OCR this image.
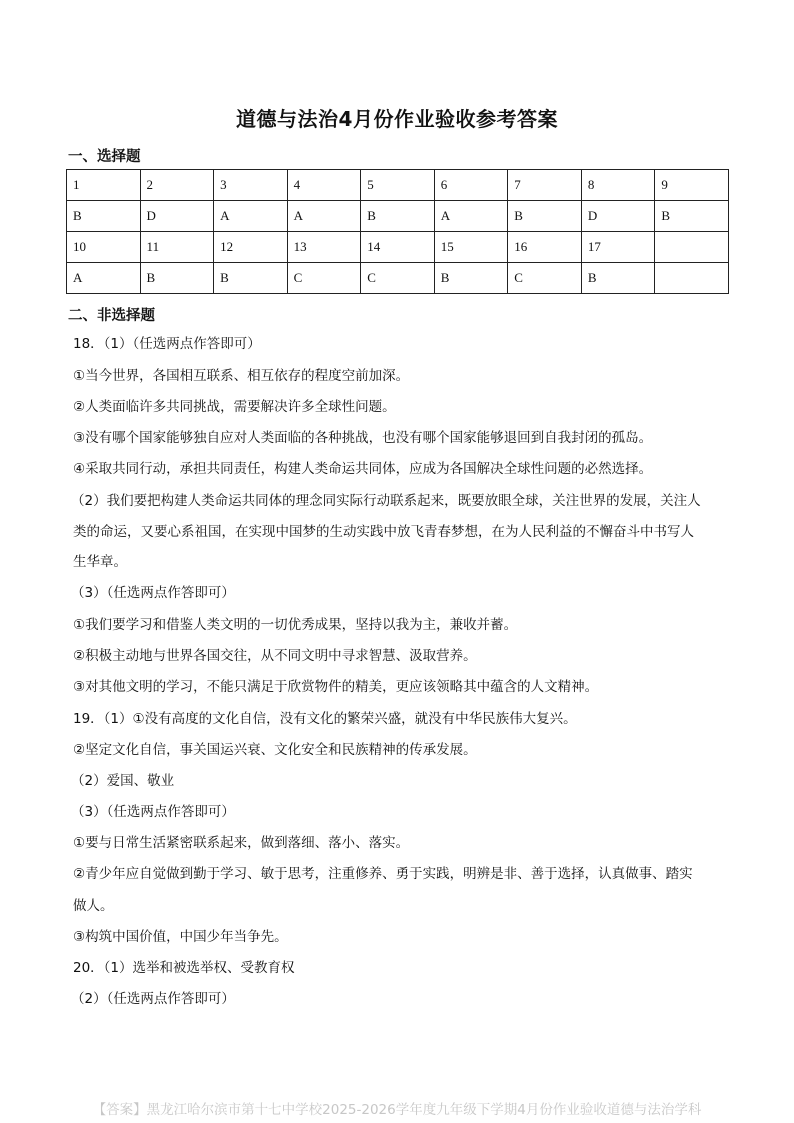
道德与法治4月份作业验收参考答案
一、选择题
1	2	3	4	5	6	7	8	9
B	D	A	A	B	A	B	D	B
10	11	12	13	14	15	16	17	
A	B	B	C	C	B	C	B	
二、非选择题
18．（1）（任选两点作答即可）
①当今世界，各国相互联系、相互依存的程度空前加深。
②人类面临许多共同挑战，需要解决许多全球性问题。
③没有哪个国家能够独自应对人类面临的各种挑战，也没有哪个国家能够退回到自我封闭的孤岛。
④采取共同行动，承担共同责任，构建人类命运共同体，应成为各国解决全球性问题的必然选择。
（2）我们要把构建人类命运共同体的理念同实际行动联系起来，既要放眼全球，关注世界的发展，关注人
类的命运，又要心系祖国，在实现中国梦的生动实践中放飞青春梦想，在为人民利益的不懈奋斗中书写人
生华章。
（3）（任选两点作答即可）
①我们要学习和借鉴人类文明的一切优秀成果，坚持以我为主，兼收并蓄。
②积极主动地与世界各国交往，从不同文明中寻求智慧、汲取营养。
③对其他文明的学习，不能只满足于欣赏物件的精美，更应该领略其中蕴含的人文精神。
19．（1）①没有高度的文化自信，没有文化的繁荣兴盛，就没有中华民族伟大复兴。
②坚定文化自信，事关国运兴衰、文化安全和民族精神的传承发展。
（2）爱国、敬业
（3）（任选两点作答即可）
①要与日常生活紧密联系起来，做到落细、落小、落实。
②青少年应自觉做到勤于学习、敏于思考，注重修养、勇于实践，明辨是非、善于选择，认真做事、踏实
做人。
③构筑中国价值，中国少年当争先。
20．（1）选举和被选举权、受教育权
（2）（任选两点作答即可）
【答案】黑龙江哈尔滨市第十七中学校2025-2026学年度九年级下学期4月份作业验收道德与法治学科
